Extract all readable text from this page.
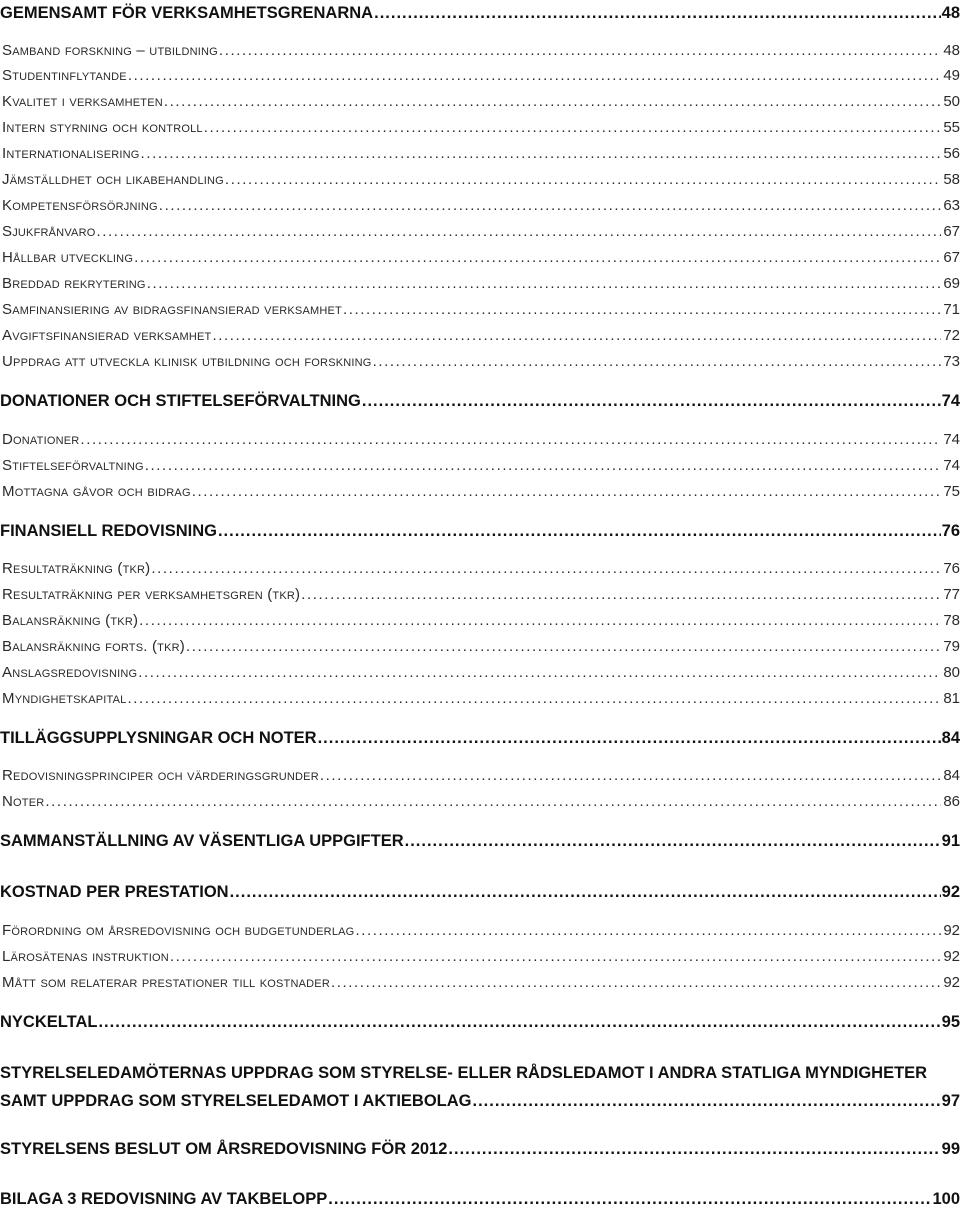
GEMENSAMT FÖR VERKSAMHETSGRENARNA .....	48
Samband forskning – utbildning .....	48
Studentinflytande .....	49
Kvalitet i verksamheten .....	50
Intern styrning och kontroll .....	55
Internationalisering .....	56
Jämställdhet och likabehandling .....	58
Kompetensförsörjning .....	63
Sjukfrånvaro .....	67
Hållbar utveckling .....	67
Breddad rekrytering .....	69
Samfinansiering av bidragsfinansierad verksamhet .....	71
Avgiftsfinansierad verksamhet .....	72
Uppdrag att utveckla klinisk utbildning och forskning .....	73
DONATIONER OCH STIFTELSEFÖRVALTNING .....	74
Donationer .....	74
Stiftelseförvaltning .....	74
Mottagna gåvor och bidrag .....	75
FINANSIELL REDOVISNING .....	76
Resultaträkning (tkr) .....	76
Resultaträkning per verksamhetsgren (tkr) .....	77
Balansräkning (tkr) .....	78
Balansräkning forts. (tkr) .....	79
Anslagsredovisning .....	80
Myndighetskapital .....	81
TILLÄGGSUPPLYSNINGAR OCH NOTER .....	84
Redovisningsprinciper och värderingsgrunder .....	84
Noter .....	86
SAMMANSTÄLLNING AV VÄSENTLIGA UPPGIFTER .....	91
KOSTNAD PER PRESTATION .....	92
Förordning om årsredovisning och budgetunderlag .....	92
Lärosätenas instruktion .....	92
Mått som relaterar prestationer till kostnader .....	92
NYCKELTAL .....	95
STYRELSELEDAMÖTERNAS UPPDRAG SOM STYRELSE- ELLER RÅDSLEDAMOT I ANDRA STATLIGA MYNDIGHETER
SAMT UPPDRAG SOM STYRELSELEDAMOT I AKTIEBOLAG .....	97
STYRELSENS BESLUT OM ÅRSREDOVISNING FÖR 2012 .....	99
BILAGA 3 REDOVISNING AV TAKBELOPP .....	100
